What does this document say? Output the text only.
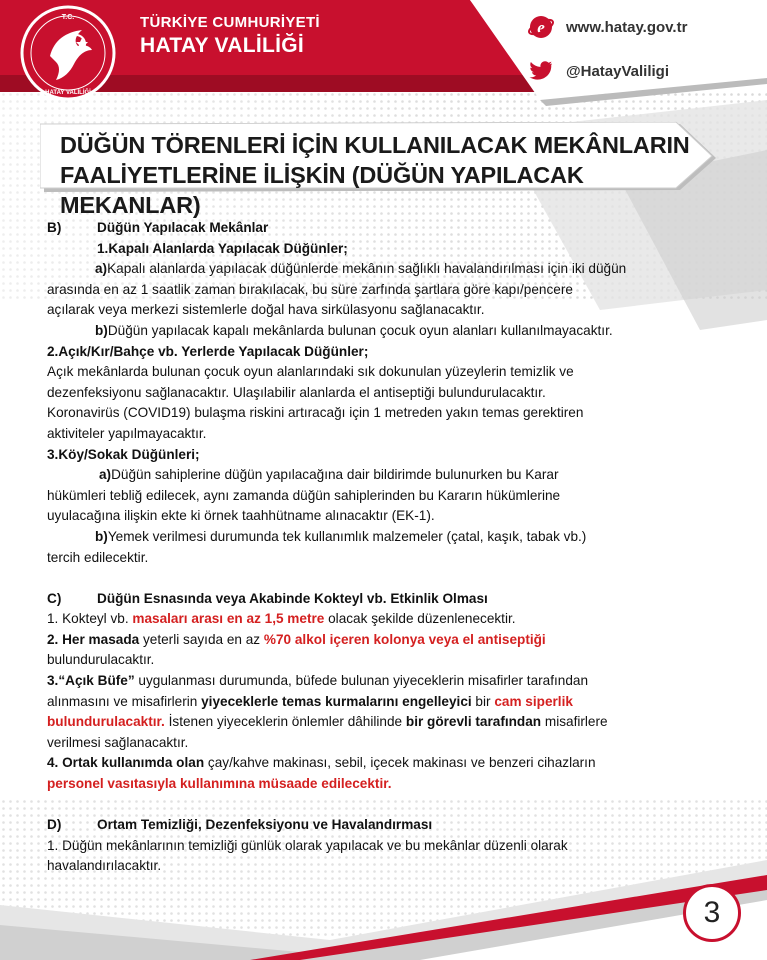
T.C.
HATAY VALİLİĞİ
TÜRKİYE CUMHURİYETİ
HATAY VALİLİĞİ
e www.hatay.gov.tr
@HatayValiligi
DÜĞÜN TÖRENLERİ İÇİN KULLANILACAK MEKÂNLARIN
FAALİYETLERİNE İLİŞKİN (DÜĞÜN YAPILACAK MEKANLAR)
B)	Düğün Yapılacak Mekânlar
1.Kapalı Alanlarda Yapılacak Düğünler;
a)Kapalı alanlarda yapılacak düğünlerde mekânın sağlıklı havalandırılması için iki düğün
arasında en az 1 saatlik zaman bırakılacak, bu süre zarfında şartlara göre kapı/pencere
açılarak veya merkezi sistemlerle doğal hava sirkülasyonu sağlanacaktır.
b)Düğün yapılacak kapalı mekânlarda bulunan çocuk oyun alanları kullanılmayacaktır.
2.Açık/Kır/Bahçe vb. Yerlerde Yapılacak Düğünler;
Açık mekânlarda bulunan çocuk oyun alanlarındaki sık dokunulan yüzeylerin temizlik ve
dezenfeksiyonu sağlanacaktır. Ulaşılabilir alanlarda el antiseptiği bulundurulacaktır.
Koronavirüs (COVID19) bulaşma riskini artıracağı için 1 metreden yakın temas gerektiren
aktiviteler yapılmayacaktır.
3.Köy/Sokak Düğünleri;
a)Düğün sahiplerine düğün yapılacağına dair bildirimde bulunurken bu Karar
hükümleri tebliğ edilecek, aynı zamanda düğün sahiplerinden bu Kararın hükümlerine
uyulacağına ilişkin ekte ki örnek taahhütname alınacaktır (EK-1).
b)Yemek verilmesi durumunda tek kullanımlık malzemeler (çatal, kaşık, tabak vb.)
tercih edilecektir.
C)	Düğün Esnasında veya Akabinde Kokteyl vb. Etkinlik Olması
1. Kokteyl vb. masaları arası en az 1,5 metre olacak şekilde düzenlenecektir.
2. Her masada yeterli sayıda en az %70 alkol içeren kolonya veya el antiseptiği
bulundurulacaktır.
3.“Açık Büfe” uygulanması durumunda, büfede bulunan yiyeceklerin misafirler tarafından
alınmasını ve misafirlerin yiyeceklerle temas kurmalarını engelleyici bir cam siperlik
bulundurulacaktır. İstenen yiyeceklerin önlemler dâhilinde bir görevli tarafından misafirlere
verilmesi sağlanacaktır.
4. Ortak kullanımda olan çay/kahve makinası, sebil, içecek makinası ve benzeri cihazların
personel vasıtasıyla kullanımına müsaade edilecektir.
D)	Ortam Temizliği, Dezenfeksiyonu ve Havalandırması
1. Düğün mekânlarının temizliği günlük olarak yapılacak ve bu mekânlar düzenli olarak
havalandırılacaktır.
3
